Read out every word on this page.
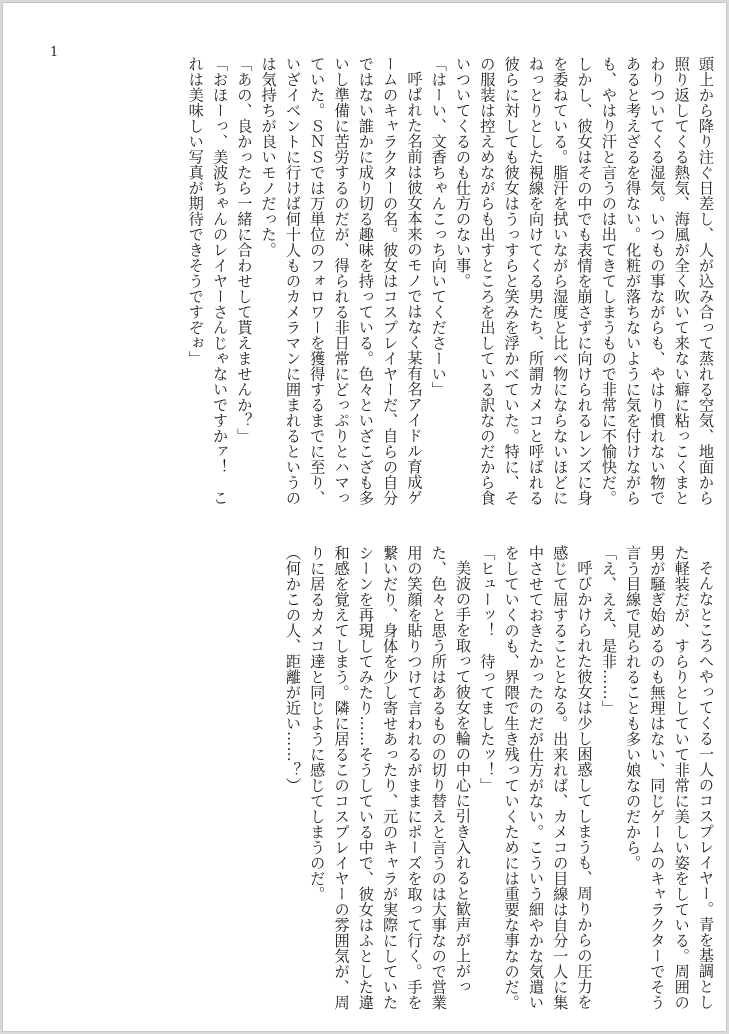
1

頭上から降り注ぐ日差し、人が込み合って蒸れる空気、地面から照り返してくる熱気、海風が全く吹いて来ない癖に粘っこくまとわりついてくる湿気。いつもの事ながらも、やはり慣れない物であると考えざるを得ない。化粧が落ちないように気を付けながらも、やはり汗と言うのは出てきてしまうもので非常に不愉快だ。しかし、彼女はその中でも表情を崩さずに向けられるレンズに身を委ねている。脂汗を拭いながら湿度と比べ物にならないほどにねっとりとした視線を向けてくる男たち、所謂カメコと呼ばれる彼らに対しても彼女はうっすらと笑みを浮かべていた。特に、その服装は控えめながらも出すところを出している訳なのだから食いついてくるのも仕方のない事。

「はーい、文香ちゃんこっち向いてくださーい」

呼ばれた名前は彼女本来のモノではなく某有名アイドル育成ゲームのキャラクターの名。彼女はコスプレイヤーだ、自らの自分ではない誰かに成り切る趣味を持っている。色々といざこざも多いし準備に苦労するのだが、得られる非日常にどっぷりとハマっていた。ＳＮＳでは万単位のフォロワーを獲得するまでに至り、いざイベントに行けば何十人ものカメラマンに囲まれるというのは気持ちが良いモノだった。

「あの、良かったら一緒に合わせして貰えませんか？」

「おほーっ、美波ちゃんのレイヤーさんじゃないですかァ！　これは美味しい写真が期待できそうですぞぉ」

そんなところへやってくる一人のコスプレイヤー。青を基調とした軽装だが、すらりとしていて非常に美しい姿をしている。周囲の男が騒ぎ始めるのも無理はない、同じゲームのキャラクターでそう言う目線で見られることも多い娘なのだから。

「え、ええ、是非……」

呼びかけられた彼女は少し困惑してしまうも、周りからの圧力を感じて屈することとなる。出来れば、カメコの目線は自分一人に集中させておきたかったのだが仕方がない。こういう細やかな気遣いをしていくのも、界隈で生き残っていくためには重要な事なのだ。

「ヒューッ！　待ってましたッ！」

美波の手を取って彼女を輪の中心に引き入れると歓声が上がった、色々と思う所はあるものの切り替えと言うのは大事なので営業用の笑顔を貼りつけて言われるがままにポーズを取って行く。手を繋いだり、身体を少し寄せあったり、元のキャラが実際にしていたシーンを再現してみたり……そうしている中で、彼女はふとした違和感を覚えてしまう。隣に居るこのコスプレイヤーの雰囲気が、周りに居るカメコ達と同じように感じてしまうのだ。

（何かこの人、距離が近い……？）
